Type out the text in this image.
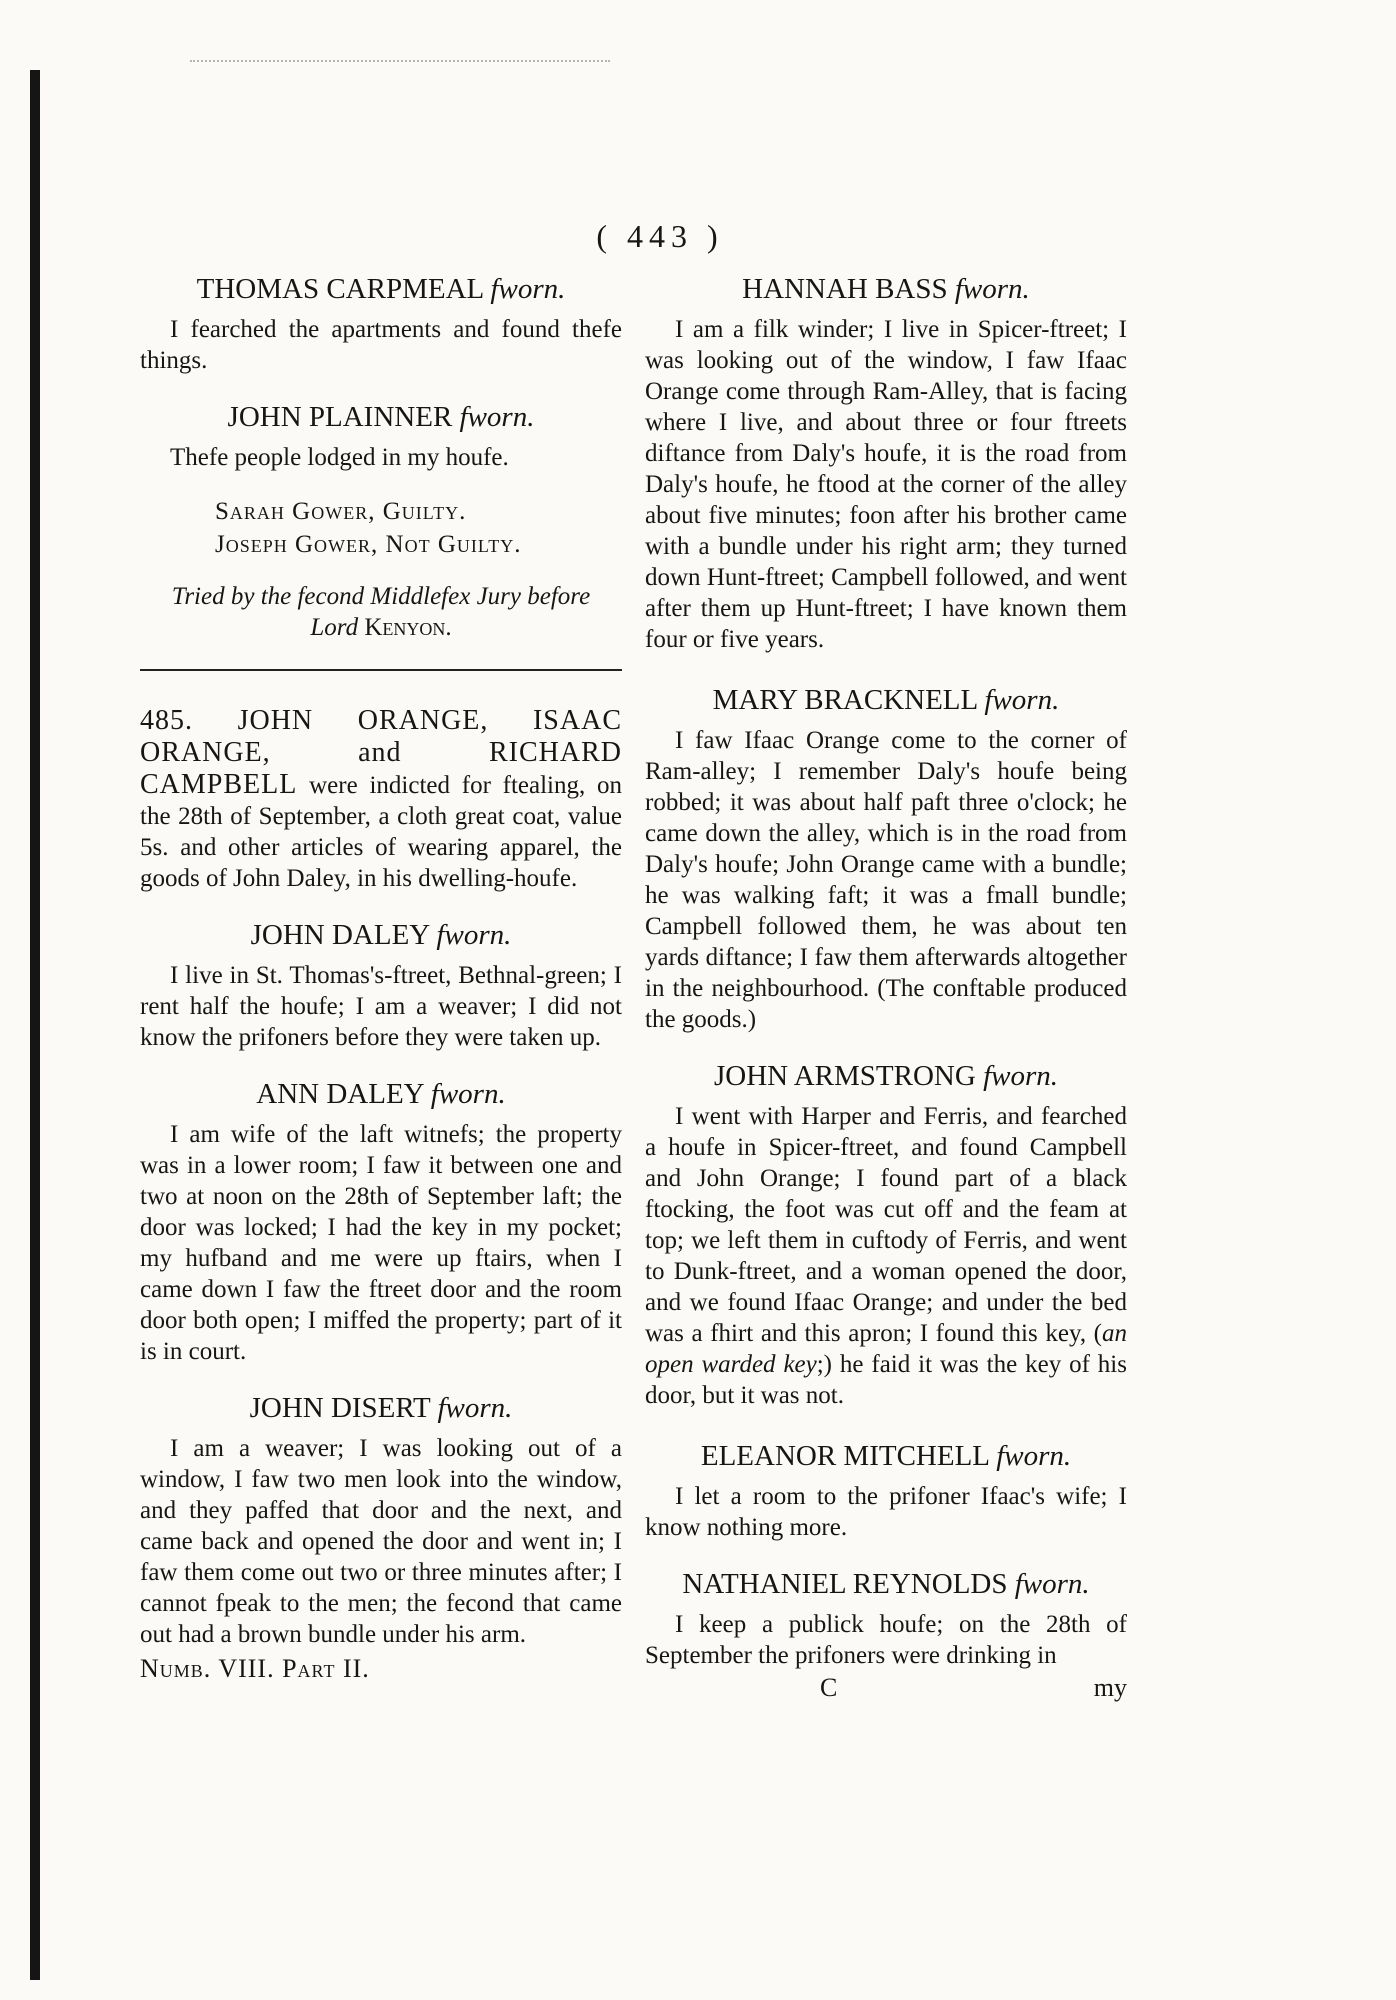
( 443 )
THOMAS CARPMEAL fworn.

I fearched the apartments and found thefe things.

JOHN PLAINNER fworn.

Thefe people lodged in my houfe.

Sarah Gower, Guilty.
Joseph Gower, Not Guilty.
Tried by the fecond Middlefex Jury before
Lord Kenyon.

485. JOHN ORANGE, ISAAC ORANGE, and RICHARD CAMPBELL were indicted for ftealing, on the 28th of September, a cloth great coat, value 5s. and other articles of wearing apparel, the goods of John Daley, in his dwelling-houfe.

JOHN DALEY fworn.

I live in St. Thomas's-ftreet, Bethnal-green; I rent half the houfe; I am a weaver; I did not know the prifoners before they were taken up.

ANN DALEY fworn.

I am wife of the laft witnefs; the property was in a lower room; I faw it between one and two at noon on the 28th of September laft; the door was locked; I had the key in my pocket; my hufband and me were up ftairs, when I came down I faw the ftreet door and the room door both open; I miffed the property; part of it is in court.

JOHN DISERT fworn.

I am a weaver; I was looking out of a window, I faw two men look into the window, and they paffed that door and the next, and came back and opened the door and went in; I faw them come out two or three minutes after; I cannot fpeak to the men; the fecond that came out had a brown bundle under his arm.

Numb. VIII. Part II.
HANNAH BASS fworn.

I am a filk winder; I live in Spicer-ftreet; I was looking out of the window, I faw Ifaac Orange come through Ram-Alley, that is facing where I live, and about three or four ftreets diftance from Daly's houfe, it is the road from Daly's houfe, he ftood at the corner of the alley about five minutes; foon after his brother came with a bundle under his right arm; they turned down Hunt-ftreet; Campbell followed, and went after them up Hunt-ftreet; I have known them four or five years.

MARY BRACKNELL fworn.

I faw Ifaac Orange come to the corner of Ram-alley; I remember Daly's houfe being robbed; it was about half paft three o'clock; he came down the alley, which is in the road from Daly's houfe; John Orange came with a bundle; he was walking faft; it was a fmall bundle; Campbell followed them, he was about ten yards diftance; I faw them afterwards altogether in the neighbourhood. (The conftable produced the goods.)

JOHN ARMSTRONG fworn.

I went with Harper and Ferris, and fearched a houfe in Spicer-ftreet, and found Campbell and John Orange; I found part of a black ftocking, the foot was cut off and the feam at top; we left them in cuftody of Ferris, and went to Dunk-ftreet, and a woman opened the door, and we found Ifaac Orange; and under the bed was a fhirt and this apron; I found this key, (an open warded key;) he faid it was the key of his door, but it was not.

ELEANOR MITCHELL fworn.

I let a room to the prifoner Ifaac's wife; I know nothing more.

NATHANIEL REYNOLDS fworn.

I keep a publick houfe; on the 28th of September the prifoners were drinking in

C	my
